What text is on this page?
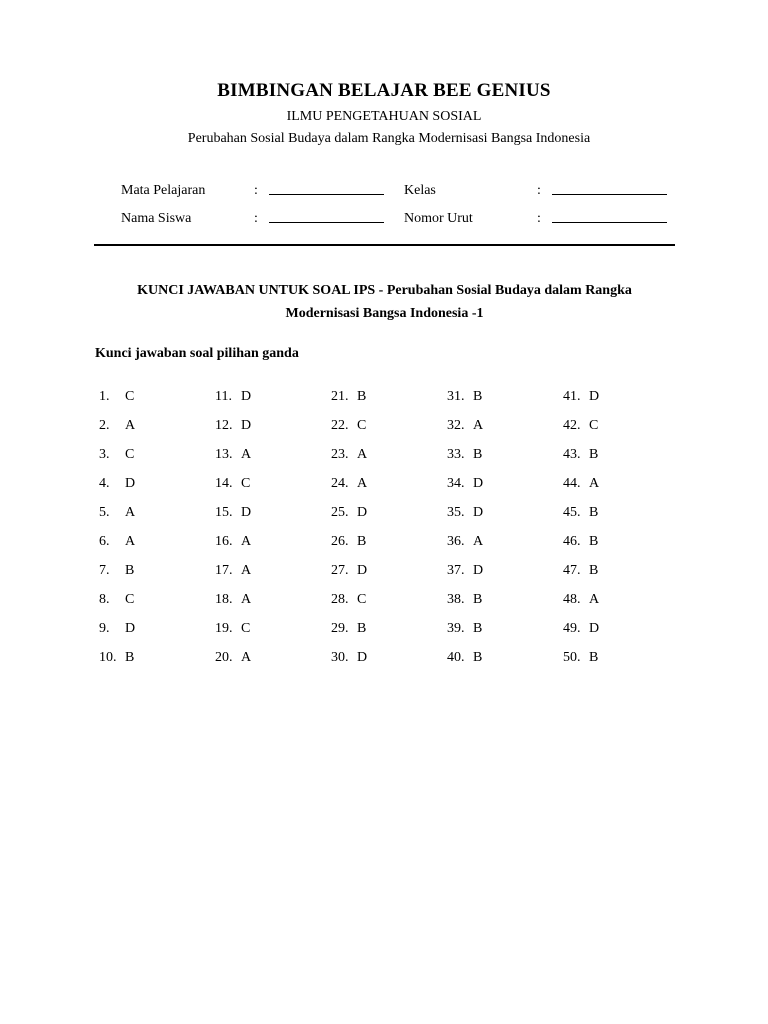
BIMBINGAN BELAJAR BEE GENIUS
ILMU PENGETAHUAN SOSIAL
Perubahan Sosial Budaya dalam Rangka Modernisasi Bangsa Indonesia
Mata Pelajaran	:	Kelas	:
Nama Siswa	:	Nomor Urut	:
KUNCI JAWABAN UNTUK SOAL IPS - Perubahan Sosial Budaya dalam Rangka
Modernisasi Bangsa Indonesia -1
Kunci jawaban soal pilihan ganda
1. C
2. A
3. C
4. D
5. A
6. A
7. B
8. C
9. D
10. B
11. D
12. D
13. A
14. C
15. D
16. A
17. A
18. A
19. C
20. A
21. B
22. C
23. A
24. A
25. D
26. B
27. D
28. C
29. B
30. D
31. B
32. A
33. B
34. D
35. D
36. A
37. D
38. B
39. B
40. B
41. D
42. C
43. B
44. A
45. B
46. B
47. B
48. A
49. D
50. B
